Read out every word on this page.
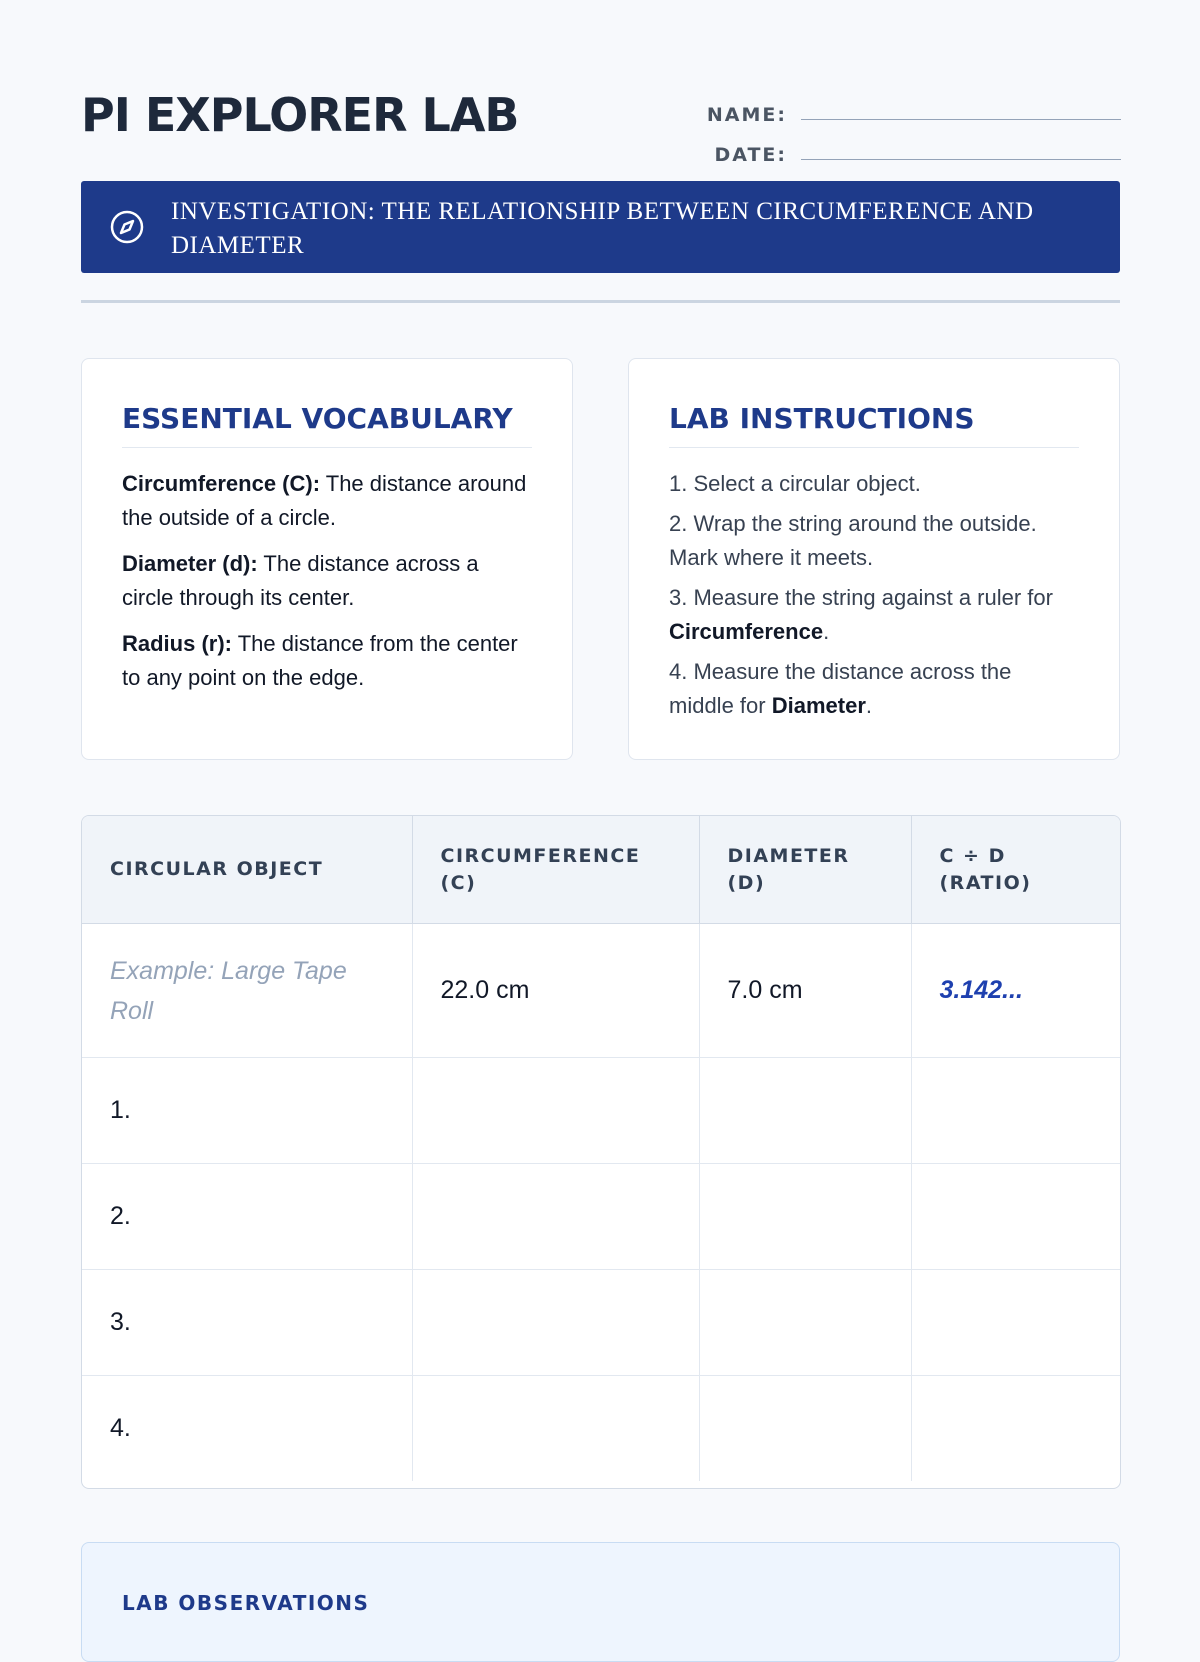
PI EXPLORER LAB	NAME:
DATE:
INVESTIGATION: THE RELATIONSHIP BETWEEN CIRCUMFERENCE AND DIAMETER
ESSENTIAL VOCABULARY

Circumference (C): The distance around the outside of a circle.

Diameter (d): The distance across a circle through its center.

Radius (r): The distance from the center to any point on the edge.

LAB INSTRUCTIONS

1. Select a circular object.

2. Wrap the string around the outside. Mark where it meets.

3. Measure the string against a ruler for Circumference.

4. Measure the distance across the middle for Diameter.

CIRCULAR OBJECT	CIRCUMFERENCE (C)	DIAMETER (D)	C ÷ D (RATIO)
Example: Large Tape Roll	22.0 cm	7.0 cm	3.142...
1.			
2.			
3.			
4.			
LAB OBSERVATIONS
